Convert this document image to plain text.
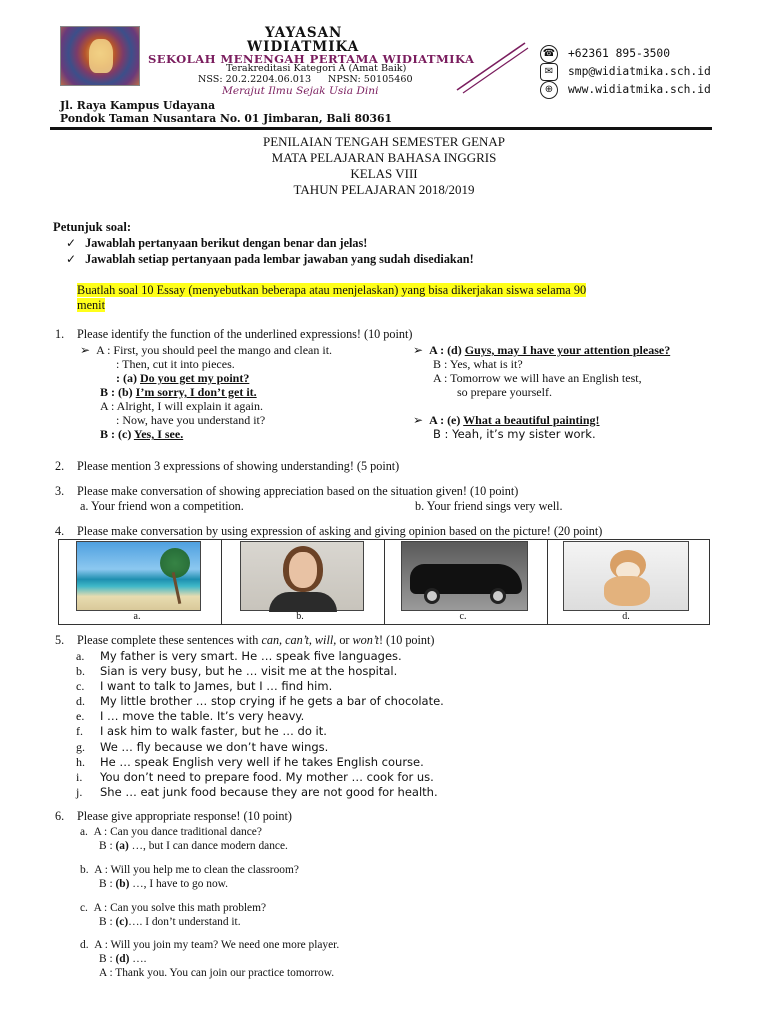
YAYASAN
WIDIATMIKA
SEKOLAH MENENGAH PERTAMA WIDIATMIKA
Terakreditasi Kategori A (Amat Baik)
NSS: 20.2.2204.06.013 NPSN: 50105460
Merajut Ilmu Sejak Usia Dini
☎ +62361 895-3500
✉	smp@widiatmika.sch.id
⊕	www.widiatmika.sch.id
Jl. Raya Kampus Udayana
Pondok Taman Nusantara No. 01 Jimbaran, Bali 80361
PENILAIAN TENGAH SEMESTER GENAP
MATA PELAJARAN BAHASA INGGRIS
KELAS VIII
TAHUN PELAJARAN 2018/2019
Petunjuk soal:
✓ Jawablah pertanyaan berikut dengan benar dan jelas!
✓ Jawablah setiap pertanyaan pada lembar jawaban yang sudah disediakan!
Buatlah soal 10 Essay (menyebutkan beberapa atau menjelaskan) yang bisa dikerjakan siswa selama 90
menit
1. Please identify the function of the underlined expressions! (10 point)
➢ A : First, you should peel the mango and clean it.
: Then, cut it into pieces.
: (a) Do you get my point?
B : (b) I’m sorry, I don’t get it.
A : Alright, I will explain it again.
: Now, have you understand it?
B : (c) Yes, I see.
➢ A : (d) Guys, may I have your attention please?
B : Yes, what is it?
A : Tomorrow we will have an English test,
so prepare yourself.
➢ A : (e) What a beautiful painting!
B : Yeah, it’s my sister work.
2. Please mention 3 expressions of showing understanding! (5 point)
3. Please make conversation of showing appreciation based on the situation given! (10 point)
a. Your friend won a competition.	b. Your friend sings very well.
4. Please make conversation by using expression of asking and giving opinion based on the picture! (20 point)
a.	b.	c.	d.
5. Please complete these sentences with can, can’t, will, or won’t! (10 point)
a. My father is very smart. He … speak five languages.
b. Sian is very busy, but he … visit me at the hospital.
c. I want to talk to James, but I … find him.
d. My little brother … stop crying if he gets a bar of chocolate.
e. I … move the table. It’s very heavy.
f. I ask him to walk faster, but he … do it.
g. We … fly because we don’t have wings.
h. He … speak English very well if he takes English course.
i. You don’t need to prepare food. My mother … cook for us.
j. She … eat junk food because they are not good for health.
6. Please give appropriate response! (10 point)
a. A : Can you dance traditional dance?
B : (a) …, but I can dance modern dance.
b. A : Will you help me to clean the classroom?
B : (b) …, I have to go now.
c. A : Can you solve this math problem?
B : (c)…. I don’t understand it.
d. A : Will you join my team? We need one more player.
B : (d) ….
A : Thank you. You can join our practice tomorrow.
